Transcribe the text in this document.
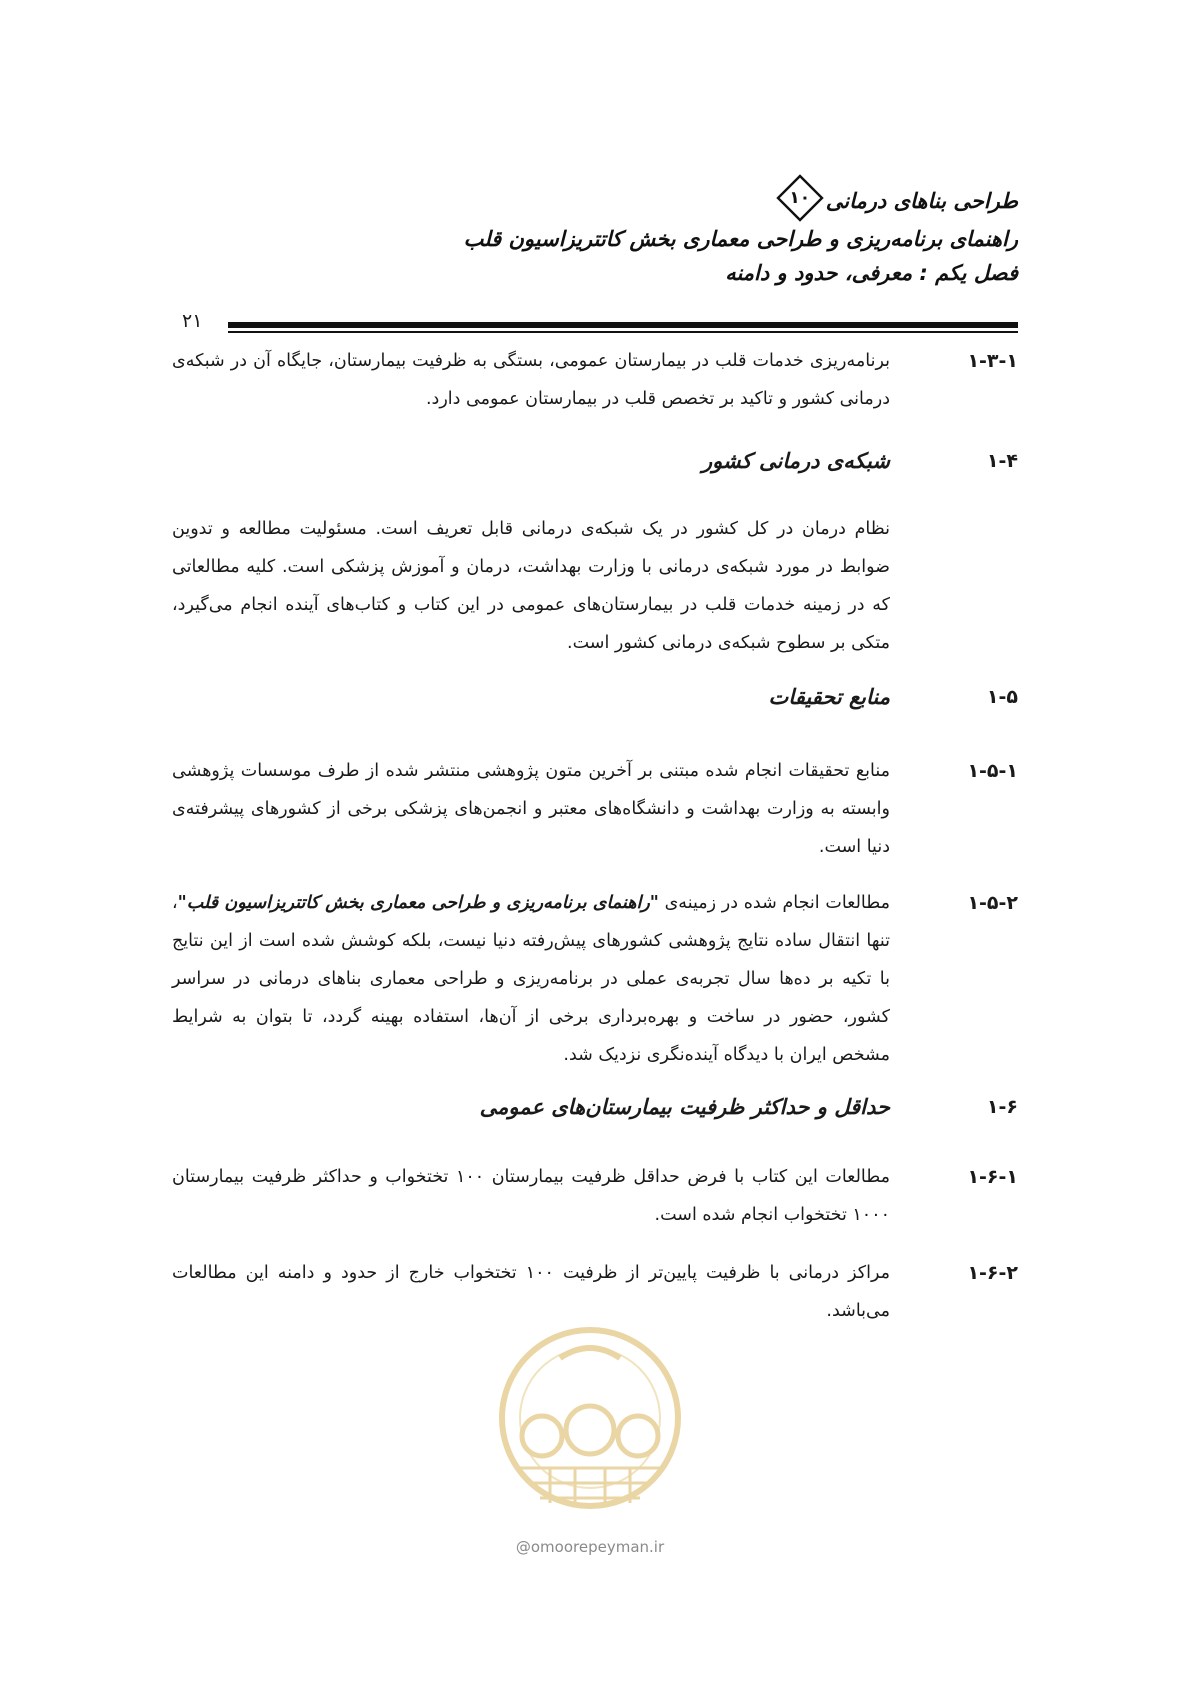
طراحی بناهای درمانی
۱۰
راهنمای برنامه‌ریزی و طراحی معماری بخش کاتتریزاسیون قلب
فصل یکم : معرفی، حدود و دامنه
۲۱
۱-۳-۱
برنامه‌ریزی خدمات قلب در بیمارستان عمومی، بستگی به ظرفیت بیمارستان، جایگاه آن در شبکه‌ی درمانی کشور و تاکید بر تخصص قلب در بیمارستان عمومی دارد.
۱-۴
شبکه‌ی درمانی کشور
نظام درمان در کل کشور در یک شبکه‌ی درمانی قابل تعریف است. مسئولیت مطالعه و تدوین ضوابط در مورد شبکه‌ی درمانی با وزارت بهداشت، درمان و آموزش پزشکی است. کلیه مطالعاتی که در زمینه خدمات قلب در بیمارستان‌های عمومی در این کتاب و کتاب‌های آینده انجام می‌گیرد، متکی بر سطوح شبکه‌ی درمانی کشور است.
۱-۵
منابع تحقیقات
۱-۵-۱
منابع تحقیقات انجام شده مبتنی بر آخرین متون پژوهشی منتشر شده از طرف موسسات پژوهشی وابسته به وزارت بهداشت و دانشگاه‌های معتبر و انجمن‌های پزشکی برخی از کشورهای پیشرفته‌ی دنیا است.
۱-۵-۲
مطالعات انجام شده در زمینه‌ی "راهنمای برنامه‌ریزی و طراحی معماری بخش کاتتریزاسیون قلب"، تنها انتقال ساده نتایج پژوهشی کشورهای پیش‌رفته دنیا نیست، بلکه کوشش شده است از این نتایج با تکیه بر ده‌ها سال تجربه‌ی عملی در برنامه‌ریزی و طراحی معماری بناهای درمانی در سراسر کشور، حضور در ساخت و بهره‌برداری برخی از آن‌ها، استفاده بهینه گردد، تا بتوان به شرایط مشخص ایران با دیدگاه آینده‌نگری نزدیک شد.
۱-۶
حداقل و حداکثر ظرفیت بیمارستان‌های عمومی
۱-۶-۱
مطالعات این کتاب با فرض حداقل ظرفیت بیمارستان ۱۰۰ تختخواب و حداکثر ظرفیت بیمارستان ۱۰۰۰ تختخواب انجام شده است.
۱-۶-۲
مراکز درمانی با ظرفیت پایین‌تر از ظرفیت ۱۰۰ تختخواب خارج از حدود و دامنه این مطالعات می‌باشد.
@omoorepeyman.ir
